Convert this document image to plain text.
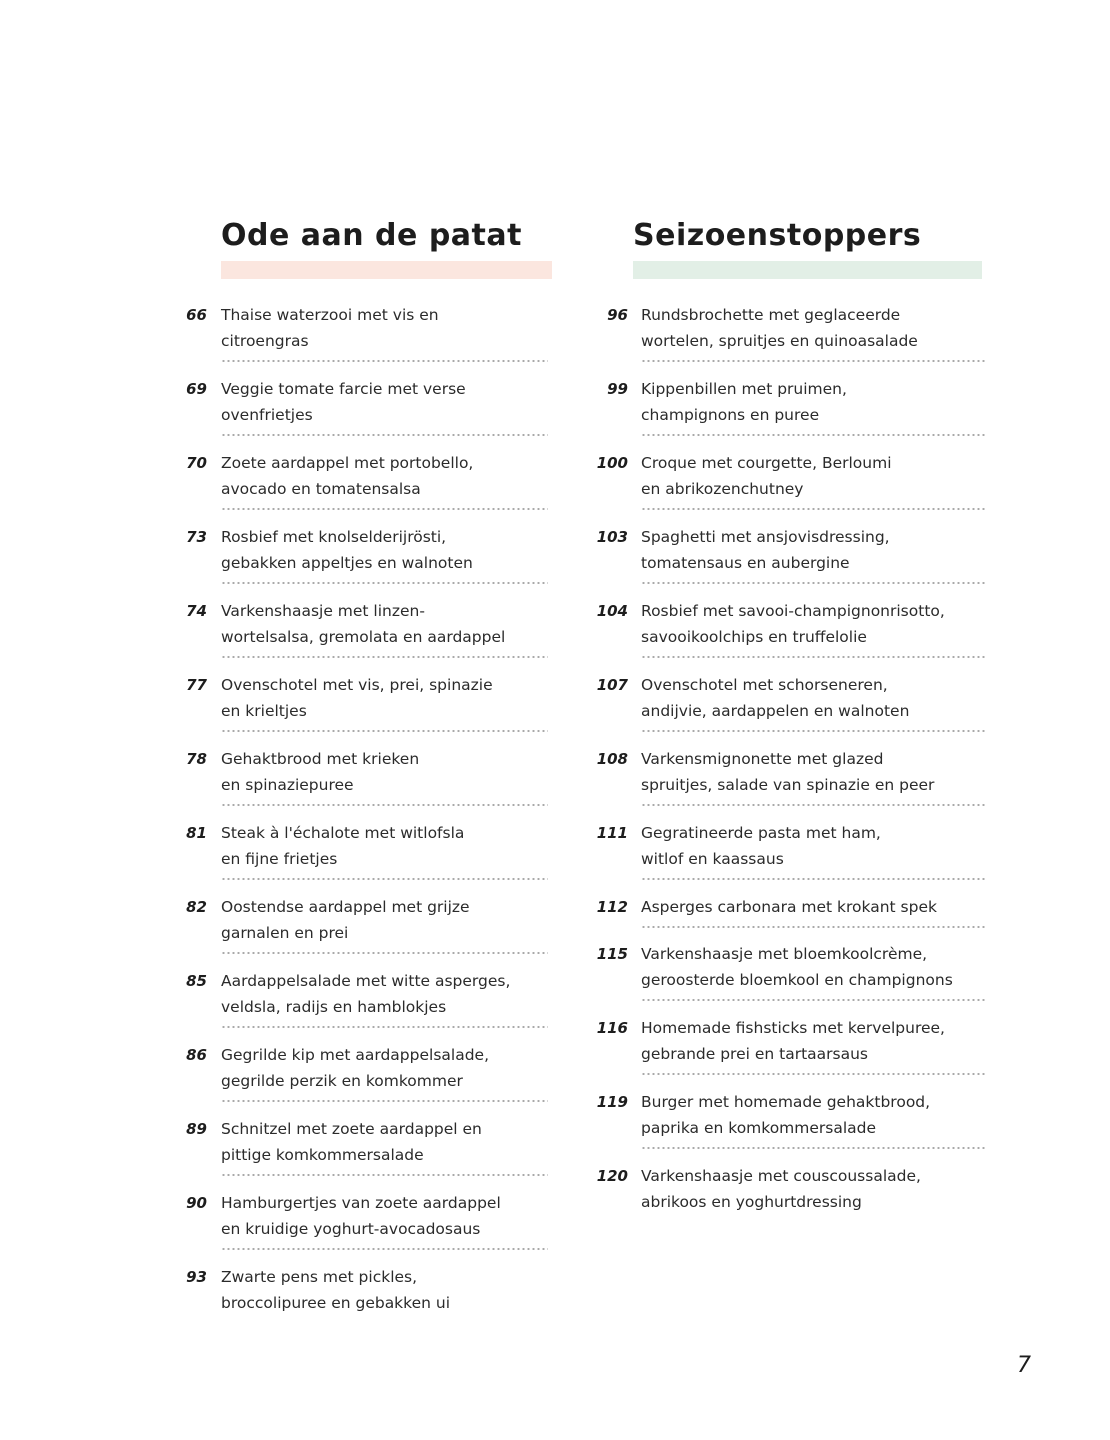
Ode aan de patat
66 Thaise waterzooi met vis en
citroengras
69 Veggie tomate farcie met verse
ovenfrietjes
70 Zoete aardappel met portobello,
avocado en tomatensalsa
73 Rosbief met knolselderijrösti,
gebakken appeltjes en walnoten
74 Varkenshaasje met linzen-
wortelsalsa, gremolata en aardappel
77 Ovenschotel met vis, prei, spinazie
en krieltjes
78 Gehaktbrood met krieken
en spinaziepuree
81 Steak à l'échalote met witlofsla
en fijne frietjes
82 Oostendse aardappel met grijze
garnalen en prei
85 Aardappelsalade met witte asperges,
veldsla, radijs en hamblokjes
86 Gegrilde kip met aardappelsalade,
gegrilde perzik en komkommer
89 Schnitzel met zoete aardappel en
pittige komkommersalade
90 Hamburgertjes van zoete aardappel
en kruidige yoghurt-avocadosaus
93 Zwarte pens met pickles,
broccolipuree en gebakken ui
Seizoenstoppers
96 Rundsbrochette met geglaceerde
wortelen, spruitjes en quinoasalade
99 Kippenbillen met pruimen,
champignons en puree
100 Croque met courgette, Berloumi
en abrikozenchutney
103 Spaghetti met ansjovisdressing,
tomatensaus en aubergine
104 Rosbief met savooi-champignonrisotto,
savooikoolchips en truffelolie
107 Ovenschotel met schorseneren,
andijvie, aardappelen en walnoten
108 Varkensmignonette met glazed
spruitjes, salade van spinazie en peer
111 Gegratineerde pasta met ham,
witlof en kaassaus
112 Asperges carbonara met krokant spek
115 Varkenshaasje met bloemkoolcrème,
geroosterde bloemkool en champignons
116 Homemade fishsticks met kervelpuree,
gebrande prei en tartaarsaus
119 Burger met homemade gehaktbrood,
paprika en komkommersalade
120 Varkenshaasje met couscoussalade,
abrikoos en yoghurtdressing
7
